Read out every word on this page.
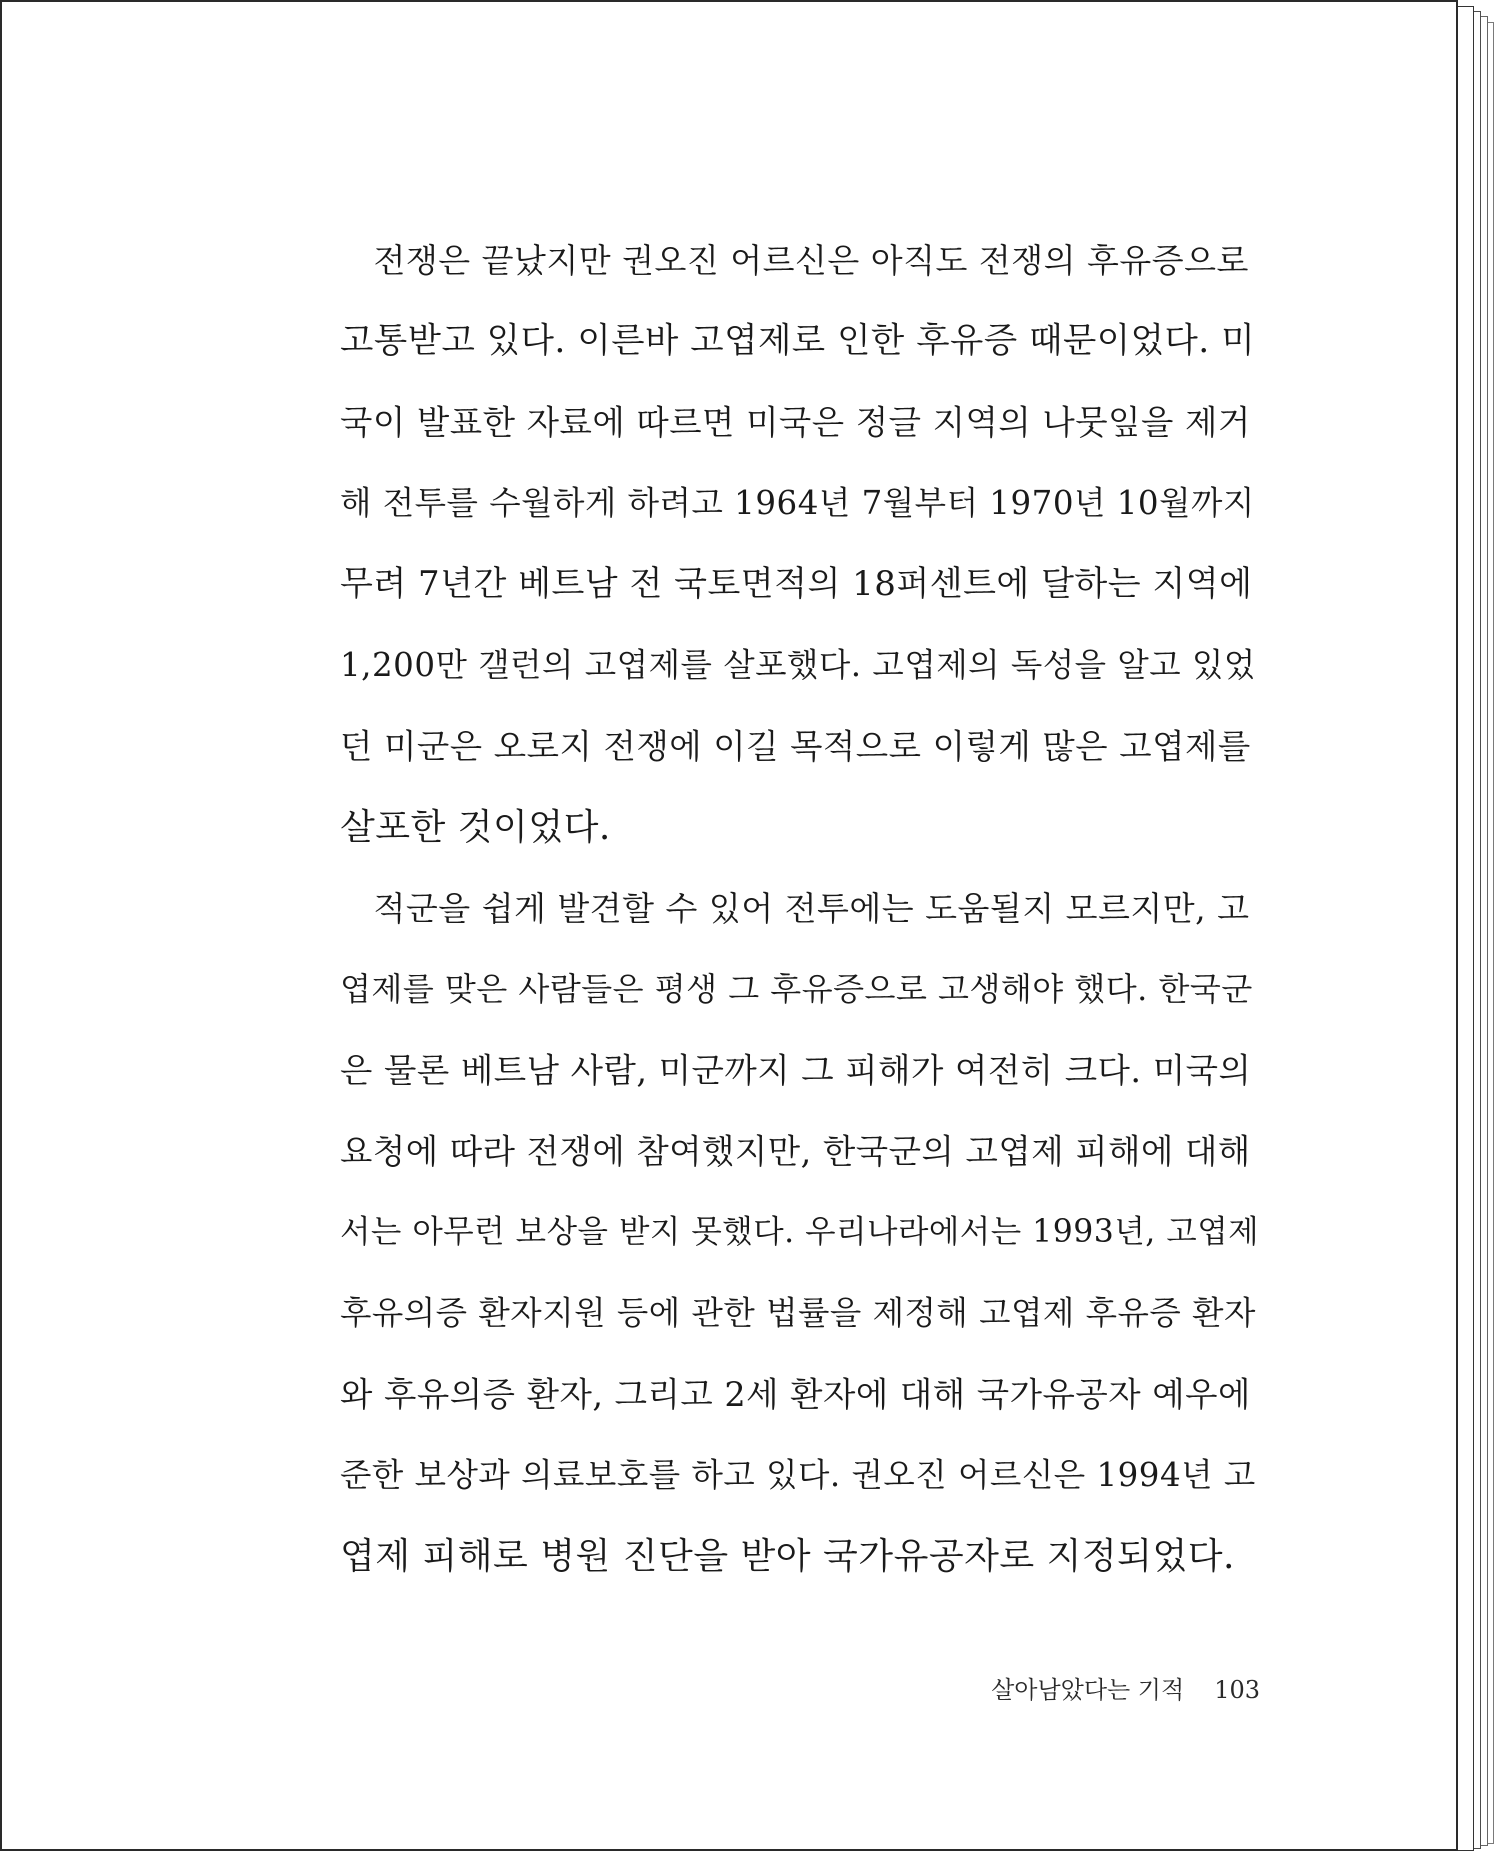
　전쟁은 끝났지만 권오진 어르신은 아직도 전쟁의 후유증으로
고통받고 있다. 이른바 고엽제로 인한 후유증 때문이었다. 미
국이 발표한 자료에 따르면 미국은 정글 지역의 나뭇잎을 제거
해 전투를 수월하게 하려고 1964년 7월부터 1970년 10월까지
무려 7년간 베트남 전 국토면적의 18퍼센트에 달하는 지역에
1,200만 갤런의 고엽제를 살포했다. 고엽제의 독성을 알고 있었
던 미군은 오로지 전쟁에 이길 목적으로 이렇게 많은 고엽제를
살포한 것이었다.
　적군을 쉽게 발견할 수 있어 전투에는 도움될지 모르지만, 고
엽제를 맞은 사람들은 평생 그 후유증으로 고생해야 했다. 한국군
은 물론 베트남 사람, 미군까지 그 피해가 여전히 크다. 미국의
요청에 따라 전쟁에 참여했지만, 한국군의 고엽제 피해에 대해
서는 아무런 보상을 받지 못했다. 우리나라에서는 1993년, 고엽제
후유의증 환자지원 등에 관한 법률을 제정해 고엽제 후유증 환자
와 후유의증 환자, 그리고 2세 환자에 대해 국가유공자 예우에
준한 보상과 의료보호를 하고 있다. 권오진 어르신은 1994년 고
엽제 피해로 병원 진단을 받아 국가유공자로 지정되었다.
살아남았다는 기적 103
